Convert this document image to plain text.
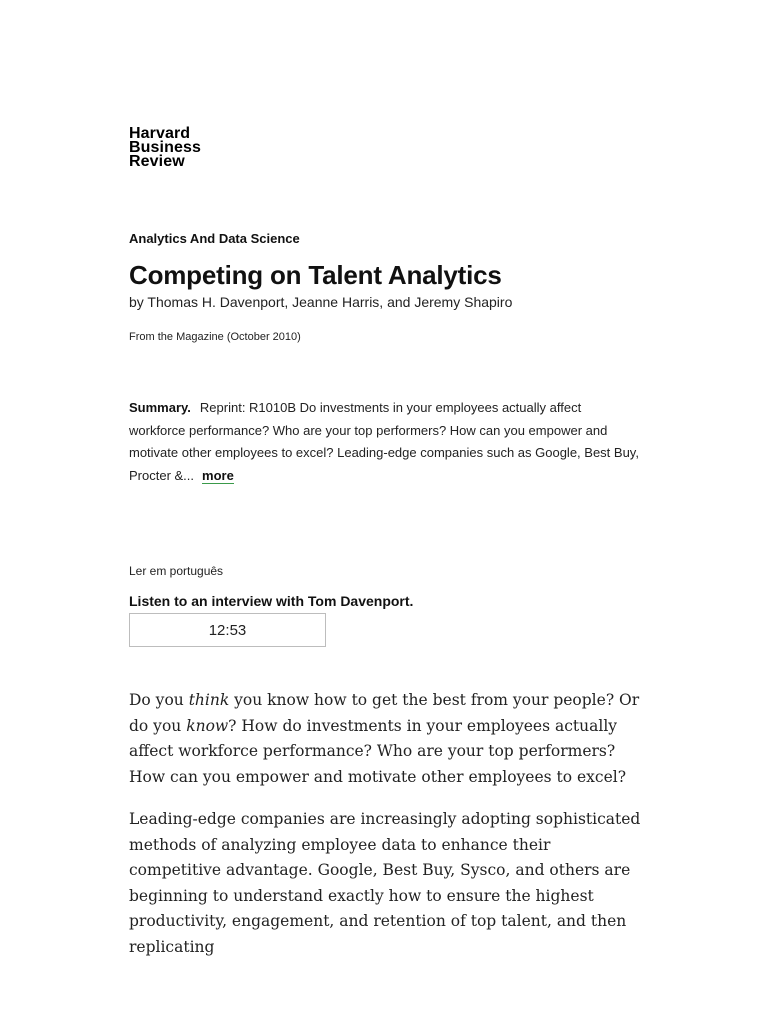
Harvard
Business
Review
Analytics And Data Science
Competing on Talent Analytics
by Thomas H. Davenport, Jeanne Harris, and Jeremy Shapiro
From the Magazine (October 2010)
Summary. Reprint: R1010B Do investments in your employees actually affect workforce performance? Who are your top performers? How can you empower and motivate other employees to excel? Leading-edge companies such as Google, Best Buy, Procter &... more
Ler em português
Listen to an interview with Tom Davenport.
12:53

Do you think you know how to get the best from your people? Or do you know? How do investments in your employees actually affect workforce performance? Who are your top performers? How can you empower and motivate other employees to excel?

Leading-edge companies are increasingly adopting sophisticated methods of analyzing employee data to enhance their competitive advantage. Google, Best Buy, Sysco, and others are beginning to understand exactly how to ensure the highest productivity, engagement, and retention of top talent, and then replicating
